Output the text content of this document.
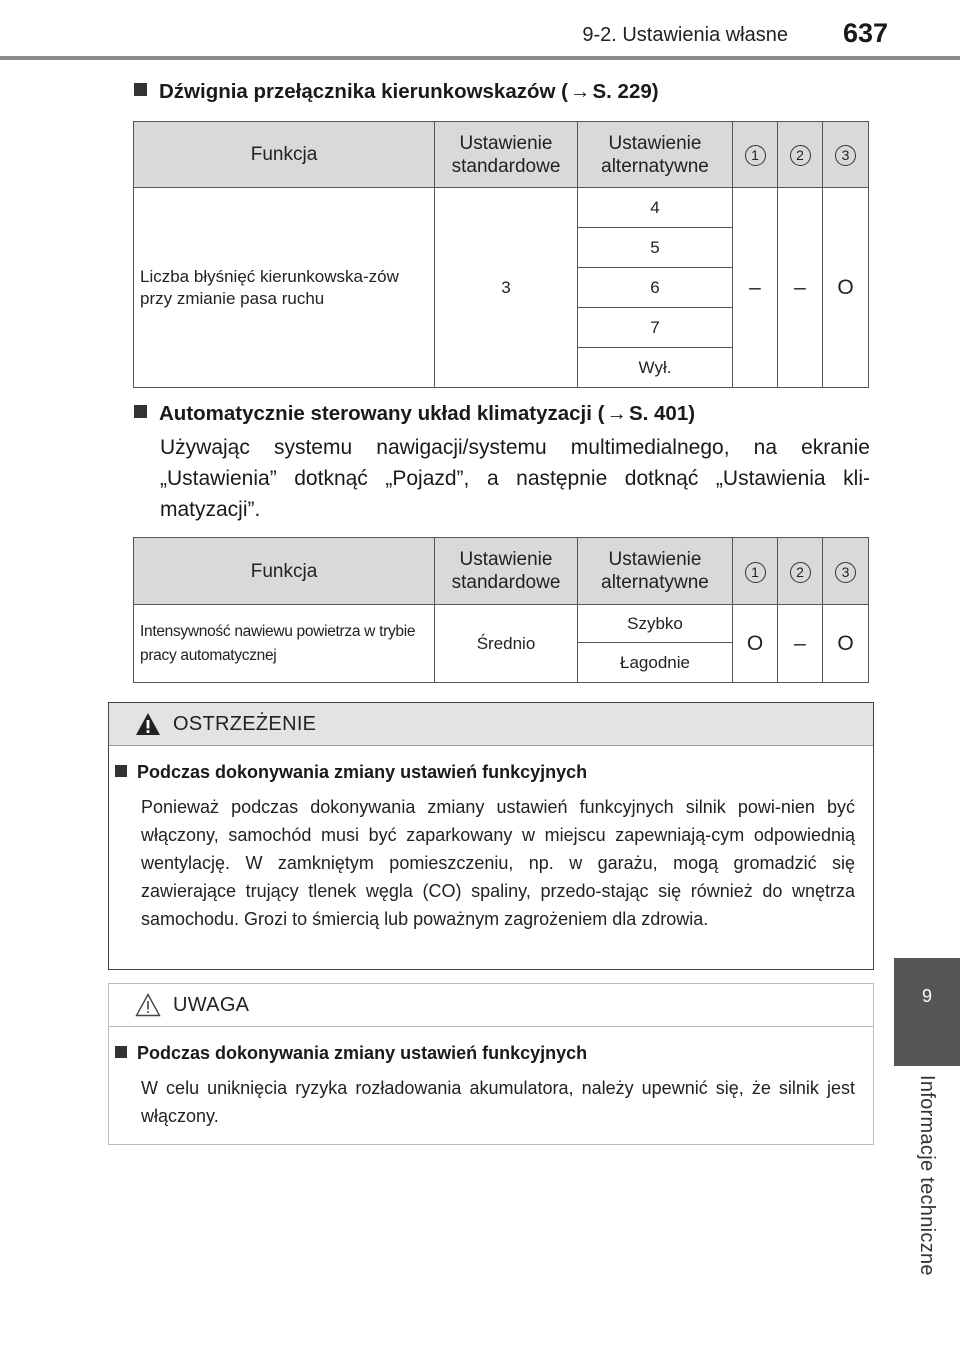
9-2. Ustawienia własne 637
9
Informacje techniczne
Dźwignia przełącznika kierunkowskazów (→S. 229)
Funkcja	Ustawienie standardowe	Ustawienie alternatywne	1	2	3
Liczba błyśnięć kierunkowska-zów przy zmianie pasa ruchu	3	4	–	–	O
		5			
		6			
		7			
		Wył.			
Automatycznie sterowany układ klimatyzacji (→S. 401)
Używając systemu nawigacji/systemu multimedialnego, na ekranie „Ustawienia” dotknąć „Pojazd”, a następnie dotknąć „Ustawienia kli-matyzacji”.
Funkcja	Ustawienie standardowe	Ustawienie alternatywne	1	2	3
Intensywność nawiewu powietrza w trybie pracy automatycznej	Średnio	Szybko	O	–	O
		Łagodnie			
OSTRZEŻENIE
Podczas dokonywania zmiany ustawień funkcyjnych
Ponieważ podczas dokonywania zmiany ustawień funkcyjnych silnik powi-nien być włączony, samochód musi być zaparkowany w miejscu zapewniają-cym odpowiednią wentylację. W zamkniętym pomieszczeniu, np. w garażu, mogą gromadzić się zawierające trujący tlenek węgla (CO) spaliny, przedo-stając się również do wnętrza samochodu. Grozi to śmiercią lub poważnym zagrożeniem dla zdrowia.
UWAGA
Podczas dokonywania zmiany ustawień funkcyjnych
W celu uniknięcia ryzyka rozładowania akumulatora, należy upewnić się, że silnik jest włączony.
